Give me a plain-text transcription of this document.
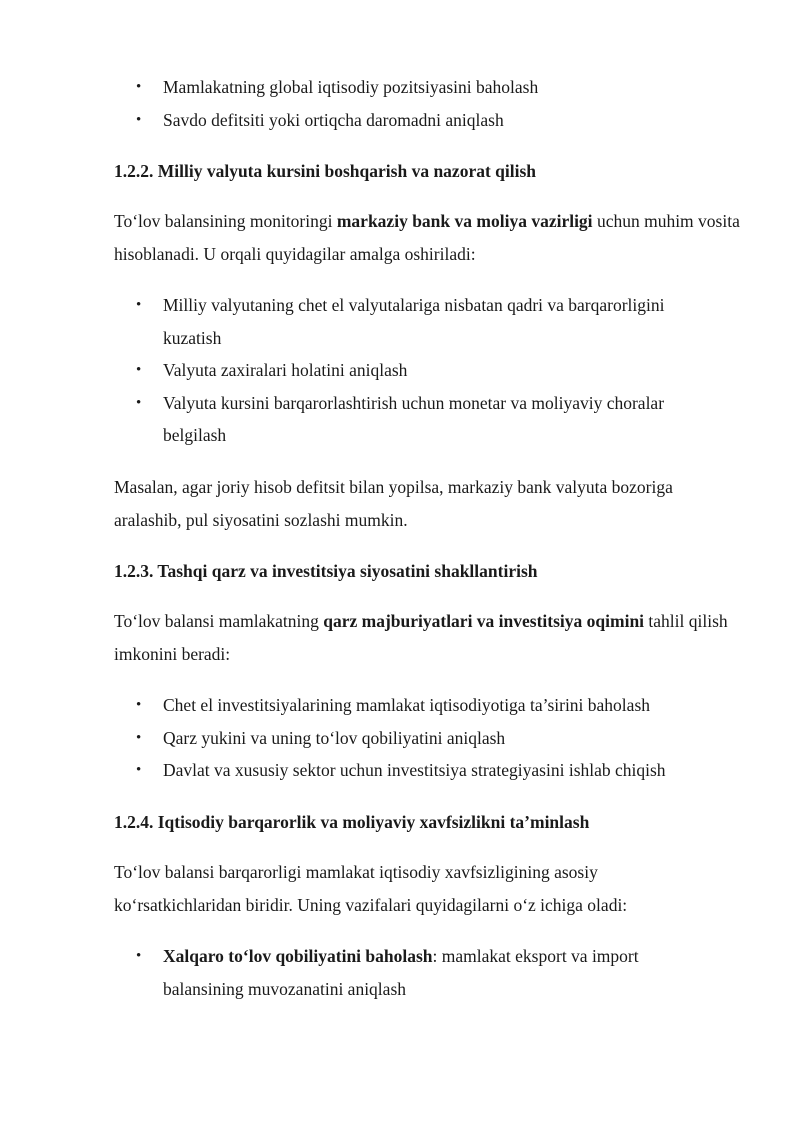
• Mamlakatning global iqtisodiy pozitsiyasini baholash
• Savdo defitsiti yoki ortiqcha daromadni aniqlash
1.2.2. Milliy valyuta kursini boshqarish va nazorat qilish

To‘lov balansining monitoringi markaziy bank va moliya vazirligi uchun muhim vosita hisoblanadi. U orqali quyidagilar amalga oshiriladi:

• Milliy valyutaning chet el valyutalariga nisbatan qadri va barqarorligini kuzatish
• Valyuta zaxiralari holatini aniqlash
• Valyuta kursini barqarorlashtirish uchun monetar va moliyaviy choralar belgilash

Masalan, agar joriy hisob defitsit bilan yopilsa, markaziy bank valyuta bozoriga aralashib, pul siyosatini sozlashi mumkin.

1.2.3. Tashqi qarz va investitsiya siyosatini shakllantirish

To‘lov balansi mamlakatning qarz majburiyatlari va investitsiya oqimini tahlil qilish imkonini beradi:

• Chet el investitsiyalarining mamlakat iqtisodiyotiga ta’sirini baholash
• Qarz yukini va uning to‘lov qobiliyatini aniqlash
• Davlat va xususiy sektor uchun investitsiya strategiyasini ishlab chiqish
1.2.4. Iqtisodiy barqarorlik va moliyaviy xavfsizlikni ta’minlash

To‘lov balansi barqarorligi mamlakat iqtisodiy xavfsizligining asosiy ko‘rsatkichlaridan biridir. Uning vazifalari quyidagilarni o‘z ichiga oladi:

• Xalqaro to‘lov qobiliyatini baholash: mamlakat eksport va import balansining muvozanatini aniqlash
